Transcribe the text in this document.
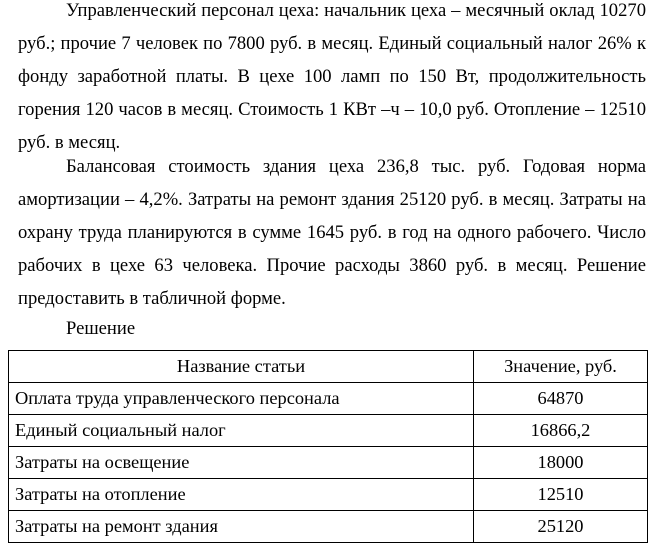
Управленческий персонал цеха: начальник цеха – месячный оклад 10270 руб.; прочие 7 человек по 7800 руб. в месяц. Единый социальный налог 26% к фонду заработной платы. В цехе 100 ламп по 150 Вт, продолжительность горения 120 часов в месяц. Стоимость 1 КВт –ч – 10,0 руб. Отопление – 12510 руб. в месяц.

Балансовая стоимость здания цеха 236,8 тыс. руб. Годовая норма амортизации – 4,2%. Затраты на ремонт здания 25120 руб. в месяц. Затраты на охрану труда планируются в сумме 1645 руб. в год на одного рабочего. Число рабочих в цехе 63 человека. Прочие расходы 3860 руб. в месяц. Решение предоставить в табличной форме.

Решение

Название статьи	Значение, руб.
Оплата труда управленческого персонала	64870
Единый социальный налог	16866,2
Затраты на освещение	18000
Затраты на отопление	12510
Затраты на ремонт здания	25120
